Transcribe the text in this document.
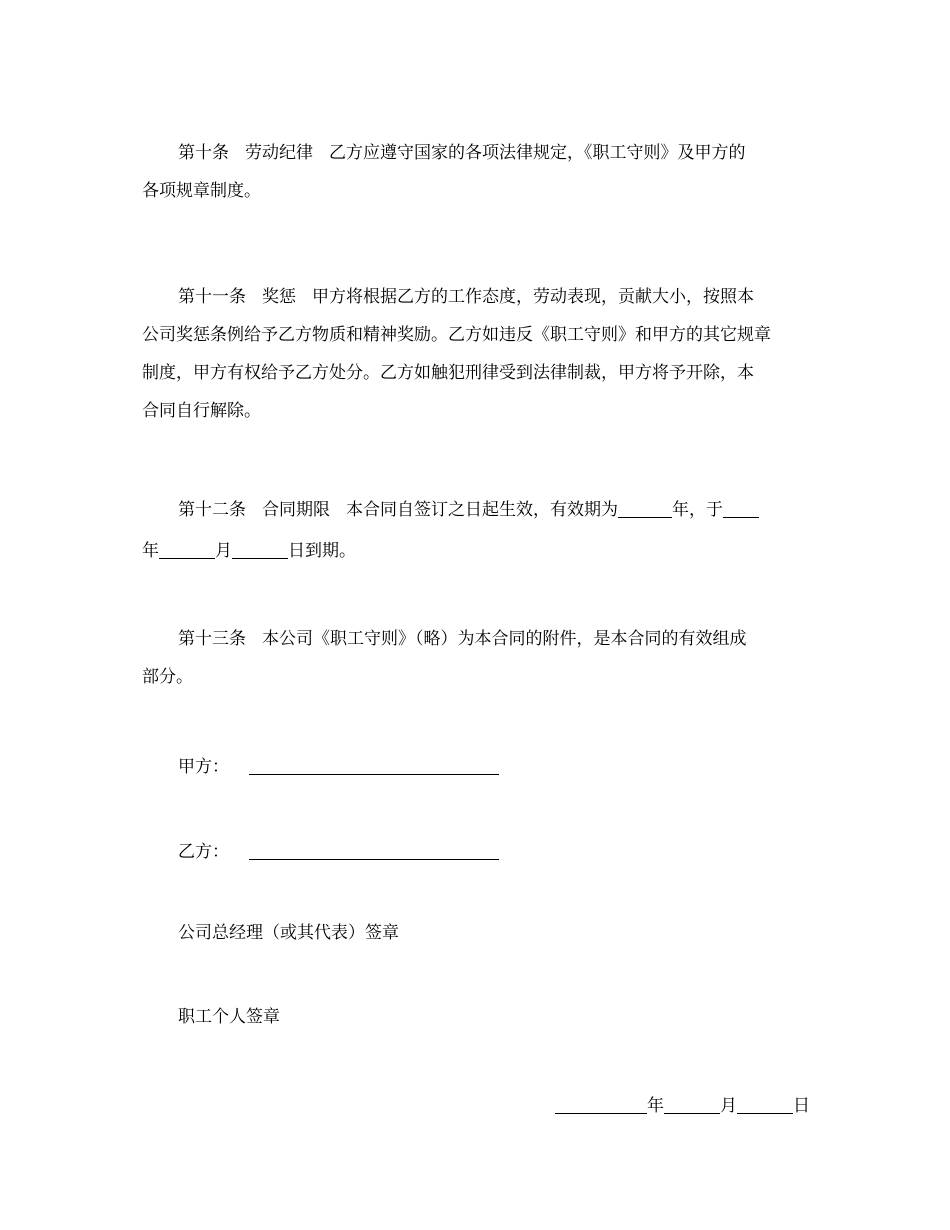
第十条 劳动纪律 乙方应遵守国家的各项法律规定，《职工守则》及甲方的
各项规章制度。
第十一条 奖惩 甲方将根据乙方的工作态度，劳动表现，贡献大小，按照本
公司奖惩条例给予乙方物质和精神奖励。乙方如违反《职工守则》和甲方的其它规章
制度，甲方有权给予乙方处分。乙方如触犯刑律受到法律制裁，甲方将予开除，本
合同自行解除。
第十二条 合同期限 本合同自签订之日起生效，有效期为	年，于
年	月	日到期。
第十三条 本公司《职工守则》（略）为本合同的附件，是本合同的有效组成
部分。
甲方：
乙方：
公司总经理（或其代表）签章
职工个人签章
年	月	日
